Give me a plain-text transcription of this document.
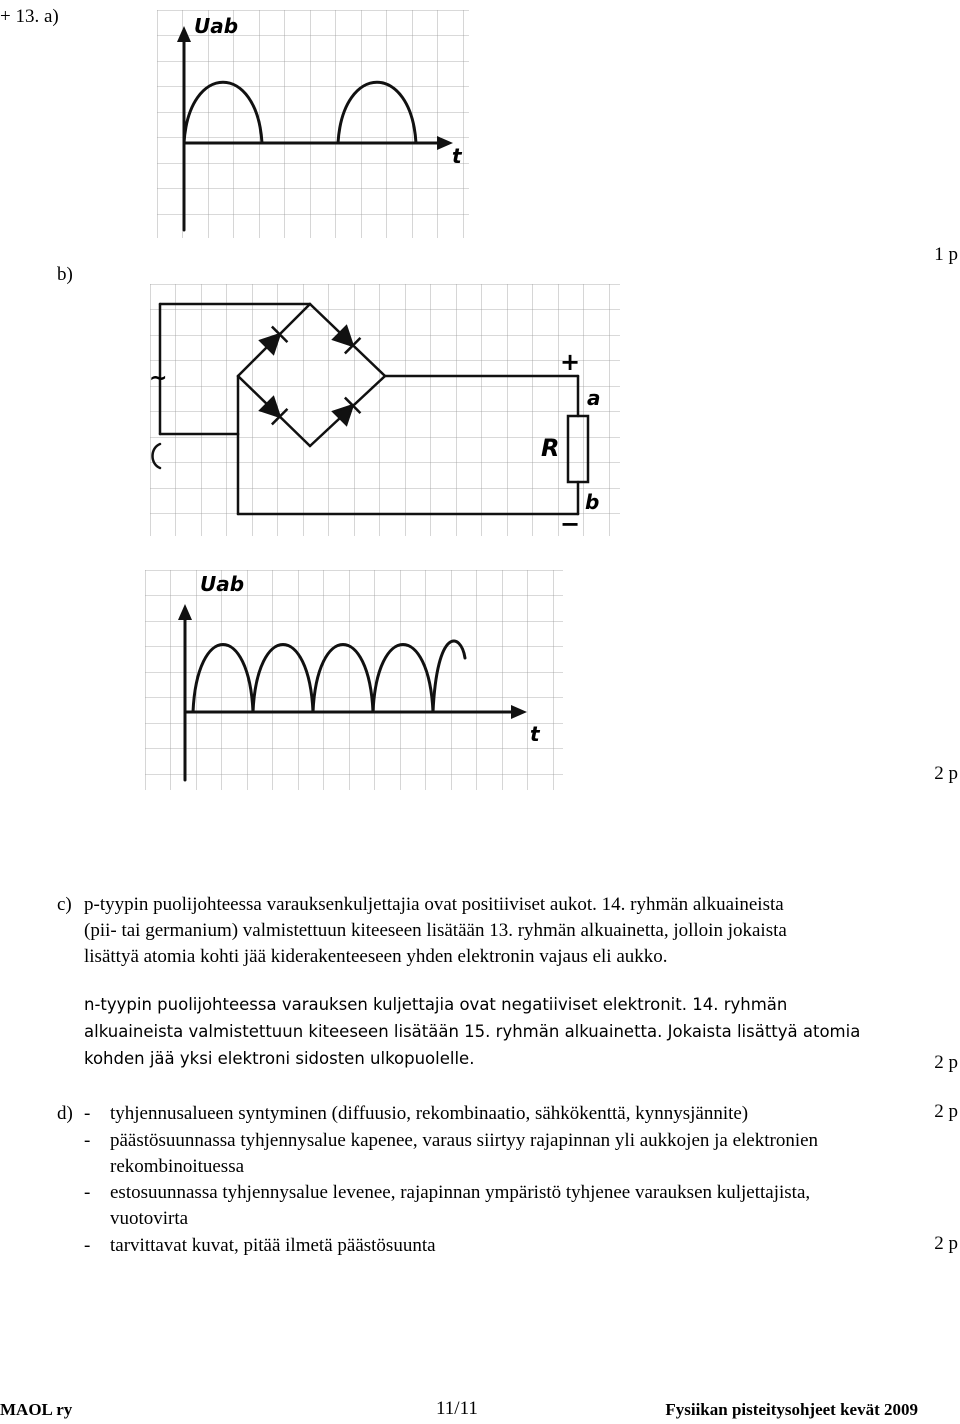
+ 13. a)	Uab
t
1 p
b)
~
+
a
R
b
−
Uab
t
2 p
c) p-tyypin puolijohteessa varauksenkuljettajia ovat positiiviset aukot. 14. ryhmän alkuaineista
(pii- tai germanium) valmistettuun kiteeseen lisätään 13. ryhmän alkuainetta, jolloin jokaista
lisättyä atomia kohti jää kiderakenteeseen yhden elektronin vajaus eli aukko.
n-tyypin puolijohteessa varauksen kuljettajia ovat negatiiviset elektronit. 14. ryhmän
alkuaineista valmistettuun kiteeseen lisätään 15. ryhmän alkuainetta. Jokaista lisättyä atomia
kohden jää yksi elektroni sidosten ulkopuolelle.	2 p
d) - tyhjennusalueen syntyminen (diffuusio, rekombinaatio, sähkökenttä, kynnysjännite)	2 p
- päästösuunnassa tyhjennysalue kapenee, varaus siirtyy rajapinnan yli aukkojen ja elektronien
rekombinoituessa
- estosuunnassa tyhjennysalue levenee, rajapinnan ympäristö tyhjenee varauksen kuljettajista,
vuotovirta
- tarvittavat kuvat, pitää ilmetä päästösuunta	2 p
MAOL ry	11/11	Fysiikan pisteitysohjeet kevät 2009
